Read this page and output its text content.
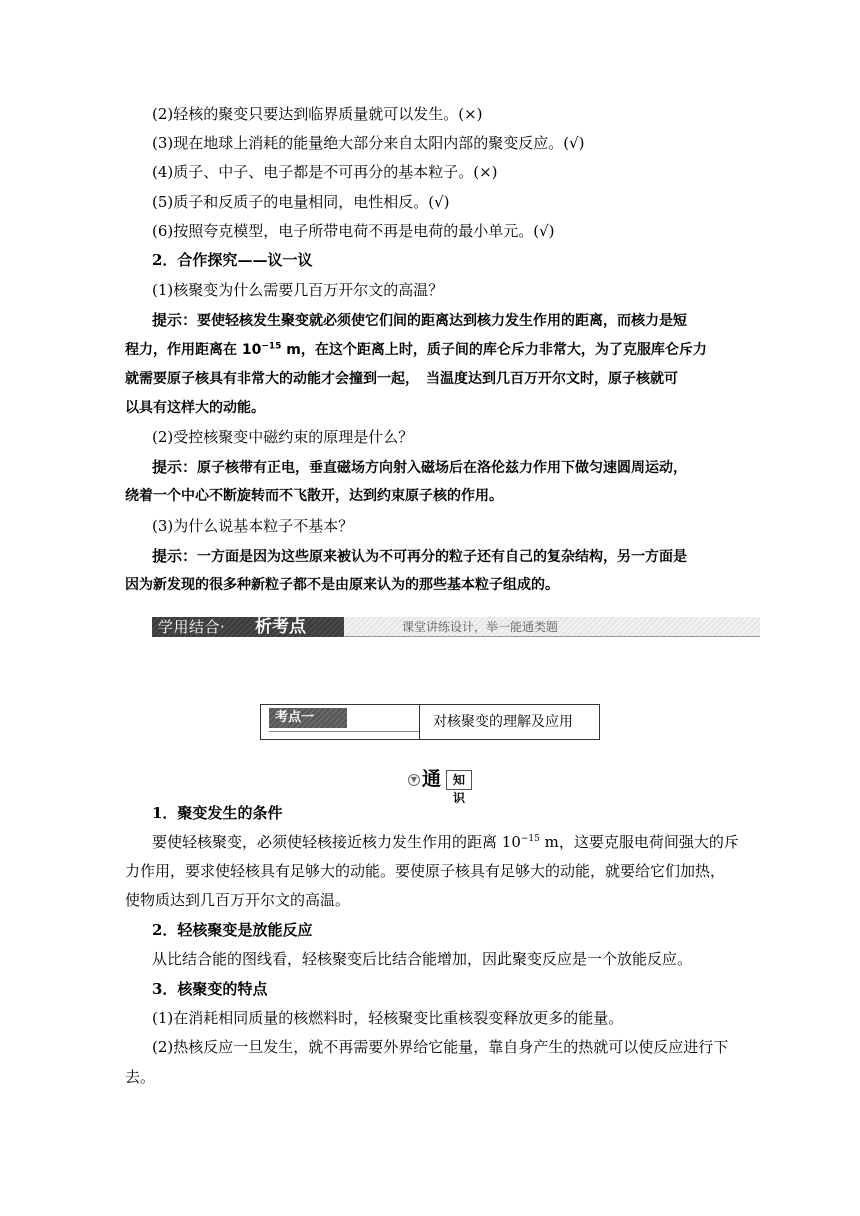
(2)轻核的聚变只要达到临界质量就可以发生。(×)
(3)现在地球上消耗的能量绝大部分来自太阳内部的聚变反应。(√)
(4)质子、中子、电子都是不可再分的基本粒子。(×)
(5)质子和反质子的电量相同，电性相反。(√)
(6)按照夸克模型，电子所带电荷不再是电荷的最小单元。(√)
2．合作探究——议一议
(1)核聚变为什么需要几百万开尔文的高温？
提示：要使轻核发生聚变就必须使它们间的距离达到核力发生作用的距离，而核力是短
程力，作用距离在 $10^{-15}$ m，在这个距离上时，质子间的库仑斥力非常大，为了克服库仑斥力
就需要原子核具有非常大的动能才会撞到一起，　当温度达到几百万开尔文时，原子核就可
以具有这样大的动能。
(2)受控核聚变中磁约束的原理是什么？
提示：原子核带有正电，垂直磁场方向射入磁场后在洛伦兹力作用下做匀速圆周运动，
绕着一个中心不断旋转而不飞散开，达到约束原子核的作用。
(3)为什么说基本粒子不基本？
提示：一方面是因为这些原来被认为不可再分的粒子还有自己的复杂结构，另一方面是
因为新发现的很多种新粒子都不是由原来认为的那些基本粒子组成的。
学用结合· 析考点	课堂讲练设计，举一能通类题
考点一	对核聚变的理解及应用
▼ 通 知识
1．聚变发生的条件
要使轻核聚变，必须使轻核接近核力发生作用的距离 $10^{-15}$ m，这要克服电荷间强大的斥
力作用，要求使轻核具有足够大的动能。要使原子核具有足够大的动能，就要给它们加热，
使物质达到几百万开尔文的高温。
2．轻核聚变是放能反应
从比结合能的图线看，轻核聚变后比结合能增加，因此聚变反应是一个放能反应。
3．核聚变的特点
(1)在消耗相同质量的核燃料时，轻核聚变比重核裂变释放更多的能量。
(2)热核反应一旦发生，就不再需要外界给它能量，靠自身产生的热就可以使反应进行下
去。
